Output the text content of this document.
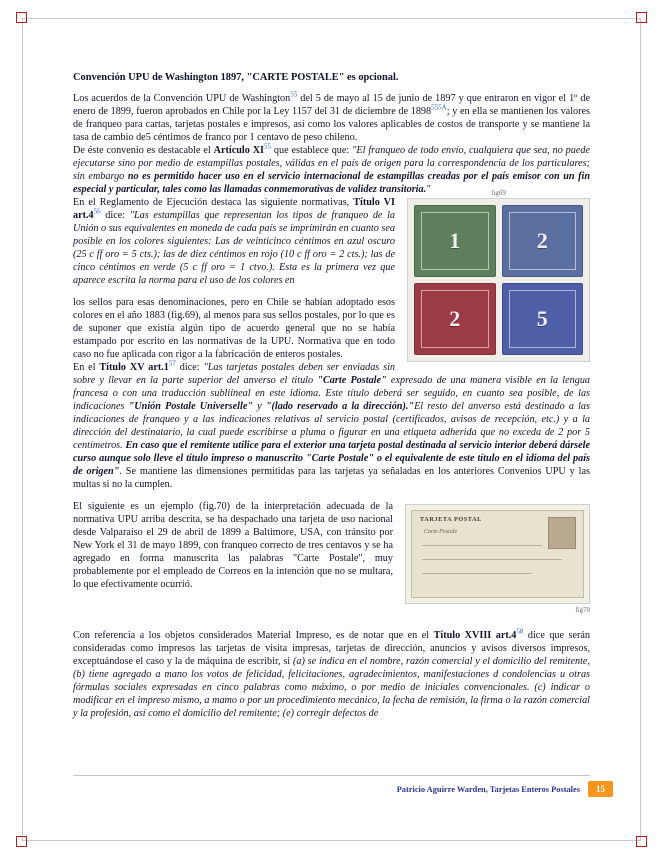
Convención UPU de Washington 1897, "CARTE POSTALE" es opcional.

Los acuerdos de la Convención UPU de Washington$^{55}$ del 5 de mayo al 15 de junio de 1897 y que entraron en vigor el 1º de enero de 1899, fueron aprobados en Chile por la Ley 1157 del 31 de diciembre de $1898^{555A}$; y en ella se mantienen los valores de franqueo para cartas, tarjetas postales e impresos, así como los valores aplicables de costos de transporte y se mantiene la tasa de cambio de5 céntimos de franco por 1 centavo de peso chileno.

De éste convenio es destacable el Artículo XI$^{55}$ que establece que: "El franqueo de todo envío, cualquiera que sea, no puede ejecutarse sino por medio de estampillas postales, válidas en el país de origen para la correspondencia de los particulares; sin embargo no es permitido hacer uso en el servicio internacional de estampillas creadas por el país emisor con un fin especial y particular, tales como las llamadas conmemorativas de validez transitoria."	fig69
1	2
2	5

En el Reglamento de Ejecución destaca las siguiente normativas, Título VI $art.4^{56}$ dice: "Las estampillas que representan los tipos de franqueo de la Unión o sus equivalentes en moneda de cada país se imprimirán en cuanto sea posible en los colores siguientes: Las de veinticinco céntimos en azul oscuro (25 c ff oro = 5 cts.); las de diez céntimos en rojo (10 c ff oro = 2 cts.); las de cinco céntimos en verde (5 c ff oro = 1 ctvo.). Esta es la primera vez que aparece escrita la norma para el uso de los colores en

los sellos para esas denominaciones, pero en Chile se habían adoptado esos colores en el año 1883 (fig.69), al menos para sus sellos postales, por lo que es de suponer que existía algún tipo de acuerdo general que no se había estampado por escrito en las normativas de la UPU. Normativa que en todo caso no fue aplicada con rigor a la fabricación de enteros postales.

En el Título XV $art.1^{57}$ dice: "Las tarjetas postales deben ser enviadas sin sobre y llevar en la parte superior del anverso el titulo "Carte Postale" expresado de una manera visible en la lengua francesa o con una traducción subliineal en este idioma. Este título deberá ser seguido, en cuanto sea posible, de las indicaciones "Unión Postale Universelle" y "(lado reservado a la dirección)."El resto del anverso está destinado a las indicaciones de franqueo y a las indicaciones relativas al servicio postal (certificados, avisos de recepción, etc.) y a la dirección del destinatario, la cual puede escribirse a pluma o figurar en una etiqueta adherida que no exceda de 2 por 5 centímetros. En caso que el remitente utilice para el exterior una tarjeta postal destinada al servicio interior deberá dársele curso aunque solo lleve el título impreso o manuscrito "Carte Postale" o el equivalente de este título en el idioma del país de origen". Se mantiene las dimensiones permitidas para las tarjetas ya señaladas en los anteriores Convenios UPU y las multas si no la cumplen.

TARJETA POSTAL
Carte Postale
fig70

El siguiente es un ejemplo (fig.70) de la interpretación adecuada de la normativa UPU arriba descrita, se ha despachado una tarjeta de uso nacional desde Valparaíso el 29 de abril de 1899 a Baltimore, USA, con tránsito por New York el 31 de mayo 1899, con franqueo correcto de tres centavos y se ha agregado en forma manuscrita las palabras "Carte Postale", muy probablemente por el empleado de Correos en la intención que no se multara, lo que efectivamente ocurrió.

Con referencia a los objetos considerados Material Impreso, es de notar que en el Título XVIII $art.4^{58}$ dice que serán consideradas como impresos las tarjetas de visita impresas, tarjetas de dirección, anuncios y avisos diversos impresos, exceptuándose el caso y la de máquina de escribir, si (a) se indica en el nombre, razón comercial y el domicilio del remitente, (b) tiene agregado a mano los votos de felicidad, felicitaciones, agradecimientos, manifestaciones d condolencias u otras fórmulas sociales expresadas en cinco palabras como máximo, o por medio de iniciales convencionales. (c) indicar o modificar en el impreso mismo, a mamo o por un procedimiento mecánico, la fecha de remisión, la firma o la razón comercial y la profesión, así como el domicilio del remitente; (e) corregir defectos de

Patricio Aguirre Warden, Tarjetas Enteros Postales	15
